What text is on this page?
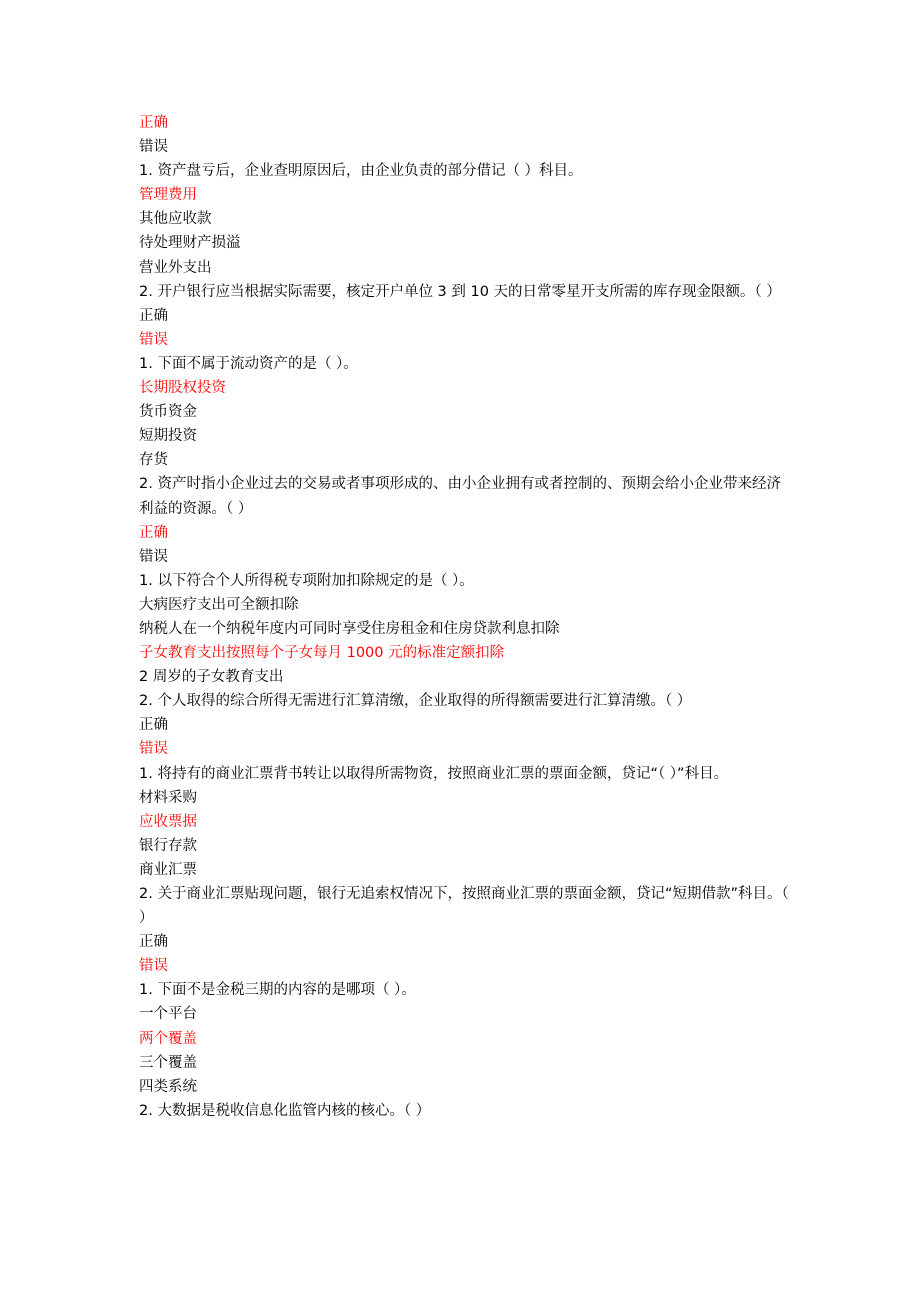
正确
错误
1. 资产盘亏后，企业查明原因后，由企业负责的部分借记（ ）科目。
管理费用
其他应收款
待处理财产损溢
营业外支出
2. 开户银行应当根据实际需要，核定开户单位 3 到 10 天的日常零星开支所需的库存现金限额。（ ）
正确
错误
1. 下面不属于流动资产的是（ ）。
长期股权投资
货币资金
短期投资
存货
2. 资产时指小企业过去的交易或者事项形成的、由小企业拥有或者控制的、预期会给小企业带来经济利益的资源。（ ）
正确
错误
1. 以下符合个人所得税专项附加扣除规定的是（ ）。
大病医疗支出可全额扣除
纳税人在一个纳税年度内可同时享受住房租金和住房贷款利息扣除
子女教育支出按照每个子女每月 1000 元的标准定额扣除
2 周岁的子女教育支出
2. 个人取得的综合所得无需进行汇算清缴，企业取得的所得额需要进行汇算清缴。（ ）
正确
错误
1. 将持有的商业汇票背书转让以取得所需物资，按照商业汇票的票面金额，贷记“（ ）”科目。
材料采购
应收票据
银行存款
商业汇票
2. 关于商业汇票贴现问题，银行无追索权情况下，按照商业汇票的票面金额，贷记“短期借款”科目。（ ）
正确
错误
1. 下面不是金税三期的内容的是哪项（ ）。
一个平台
两个覆盖
三个覆盖
四类系统
2. 大数据是税收信息化监管内核的核心。（ ）
